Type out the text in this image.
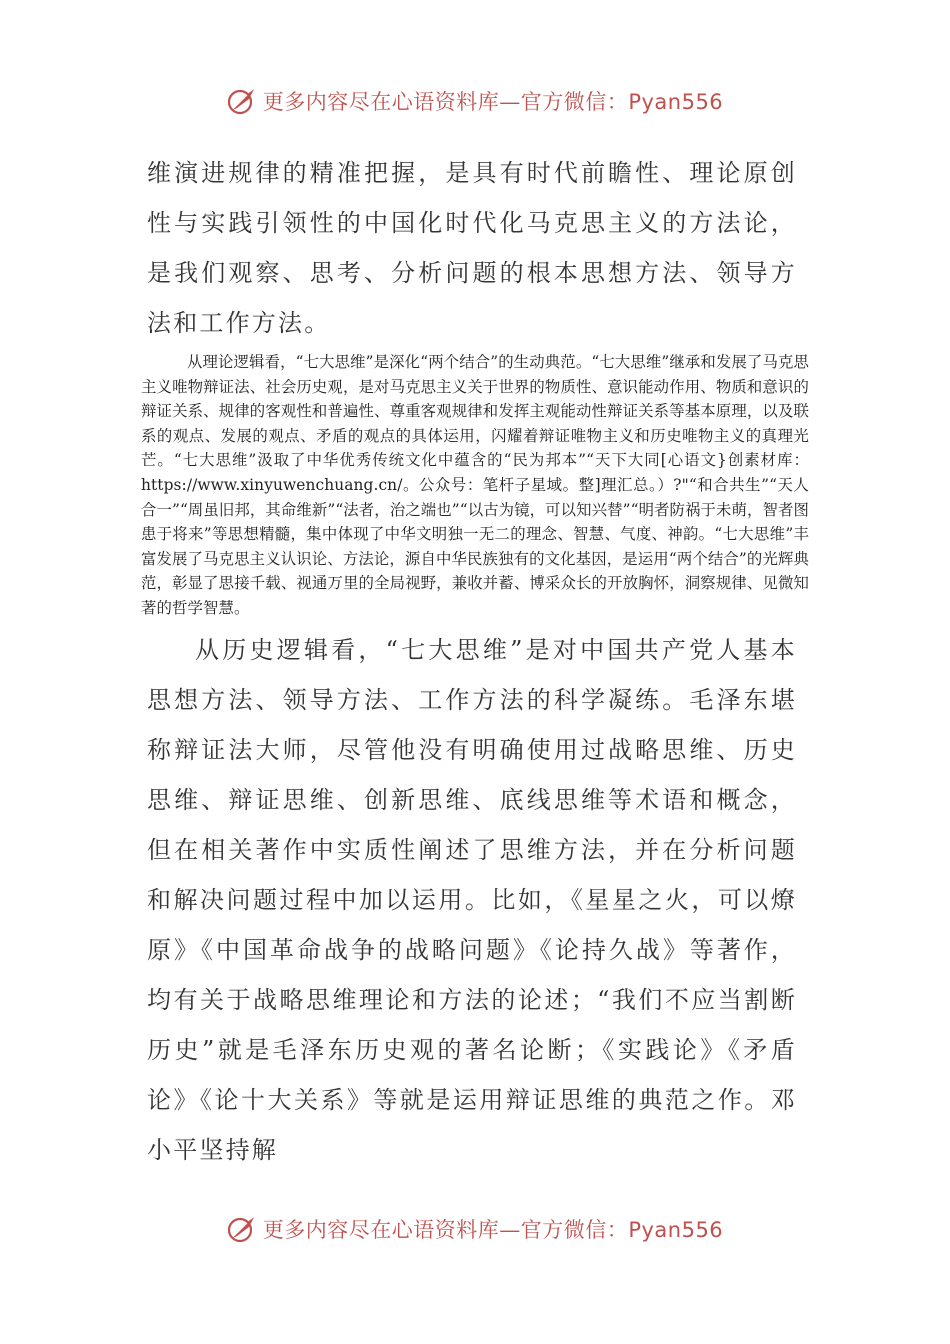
更多内容尽在心语资料库—官方微信：Pyan556

维演进规律的精准把握，是具有时代前瞻性、理论原创性与实践引领性的中国化时代化马克思主义的方法论，是我们观察、思考、分析问题的根本思想方法、领导方法和工作方法。

从理论逻辑看，“七大思维”是深化“两个结合”的生动典范。“七大思维”继承和发展了马克思主义唯物辩证法、社会历史观，是对马克思主义关于世界的物质性、意识能动作用、物质和意识的辩证关系、规律的客观性和普遍性、尊重客观规律和发挥主观能动性辩证关系等基本原理，以及联系的观点、发展的观点、矛盾的观点的具体运用，闪耀着辩证唯物主义和历史唯物主义的真理光芒。“七大思维”汲取了中华优秀传统文化中蕴含的“民为邦本”“天下大同[心语文}创素材库：https://www.xinyuwenchuang.cn/。公众号：笔杆子星域。整]理汇总。）?"“和合共生”“天人合一”“周虽旧邦，其命维新”“法者，治之端也”“以古为镜，可以知兴替”“明者防祸于未萌，智者图患于将来”等思想精髓，集中体现了中华文明独一无二的理念、智慧、气度、神韵。“七大思维”丰富发展了马克思主义认识论、方法论，源自中华民族独有的文化基因，是运用“两个结合”的光辉典范，彰显了思接千载、视通万里的全局视野，兼收并蓄、博采众长的开放胸怀，洞察规律、见微知著的哲学智慧。

从历史逻辑看，“七大思维”是对中国共产党人基本思想方法、领导方法、工作方法的科学凝练。毛泽东堪称辩证法大师，尽管他没有明确使用过战略思维、历史思维、辩证思维、创新思维、底线思维等术语和概念，但在相关著作中实质性阐述了思维方法，并在分析问题和解决问题过程中加以运用。比如，《星星之火，可以燎原》《中国革命战争的战略问题》《论持久战》等著作，均有关于战略思维理论和方法的论述；“我们不应当割断历史”就是毛泽东历史观的著名论断；《实践论》《矛盾论》《论十大关系》等就是运用辩证思维的典范之作。邓小平坚持解

更多内容尽在心语资料库—官方微信：Pyan556
